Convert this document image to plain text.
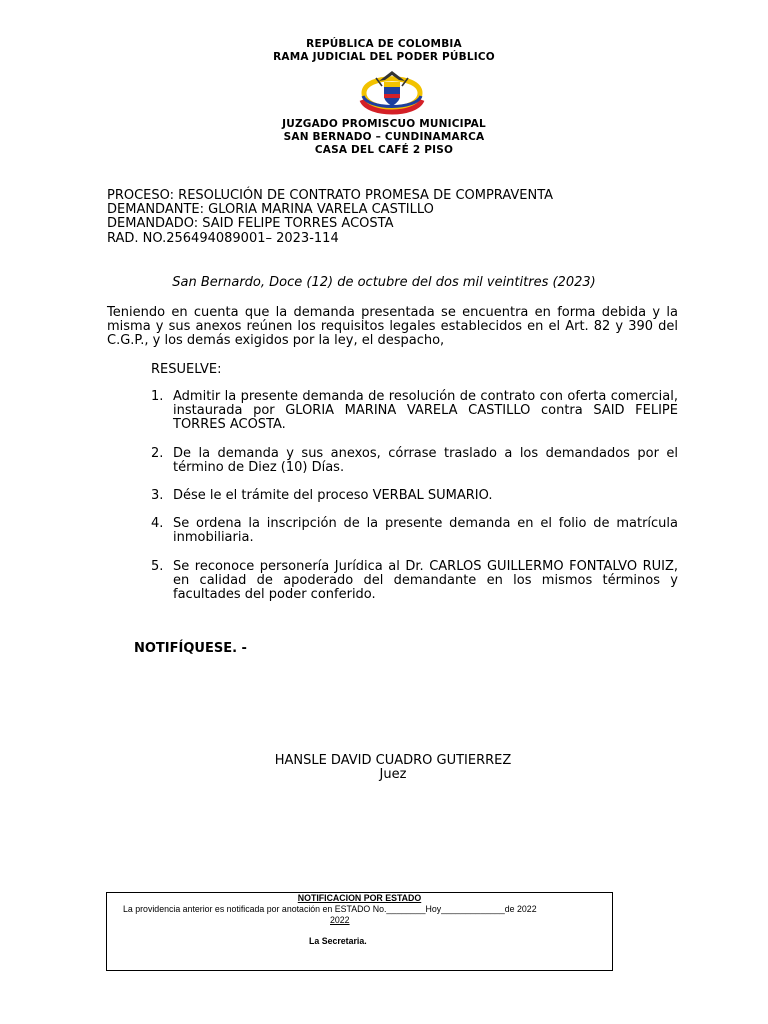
REPÚBLICA DE COLOMBIA
RAMA JUDICIAL DEL PODER PÚBLICO
JUZGADO PROMISCUO MUNICIPAL
SAN BERNADO – CUNDINAMARCA
CASA DEL CAFÉ 2 PISO
PROCESO: RESOLUCIÓN DE CONTRATO PROMESA DE COMPRAVENTA
DEMANDANTE: GLORIA MARINA VARELA CASTILLO
DEMANDADO: SAID FELIPE TORRES ACOSTA
RAD. NO.256494089001– 2023-114
San Bernardo, Doce (12) de octubre del dos mil veintitres (2023)
Teniendo en cuenta que la demanda presentada se encuentra en forma debida y la misma y sus anexos reúnen los requisitos legales establecidos en el Art. 82 y 390 del C.G.P., y los demás exigidos por la ley, el despacho,
RESUELVE:
1. Admitir la presente demanda de resolución de contrato con oferta comercial, instaurada por GLORIA MARINA VARELA CASTILLO contra SAID FELIPE TORRES ACOSTA.
2. De la demanda y sus anexos, córrase traslado a los demandados por el término de Diez (10) Días.
3. Dése le el trámite del proceso VERBAL SUMARIO.
4. Se ordena la inscripción de la presente demanda en el folio de matrícula inmobiliaria.
5. Se reconoce personería Jurídica al Dr. CARLOS GUILLERMO FONTALVO RUIZ, en calidad de apoderado del demandante en los mismos términos y facultades del poder conferido.
NOTIFÍQUESE. -
HANSLE DAVID CUADRO GUTIERREZ
Juez
NOTIFICACION POR ESTADO
La providencia anterior es notificada por anotación en ESTADO No.________Hoy_____________de 2022
2022
La Secretaria.
